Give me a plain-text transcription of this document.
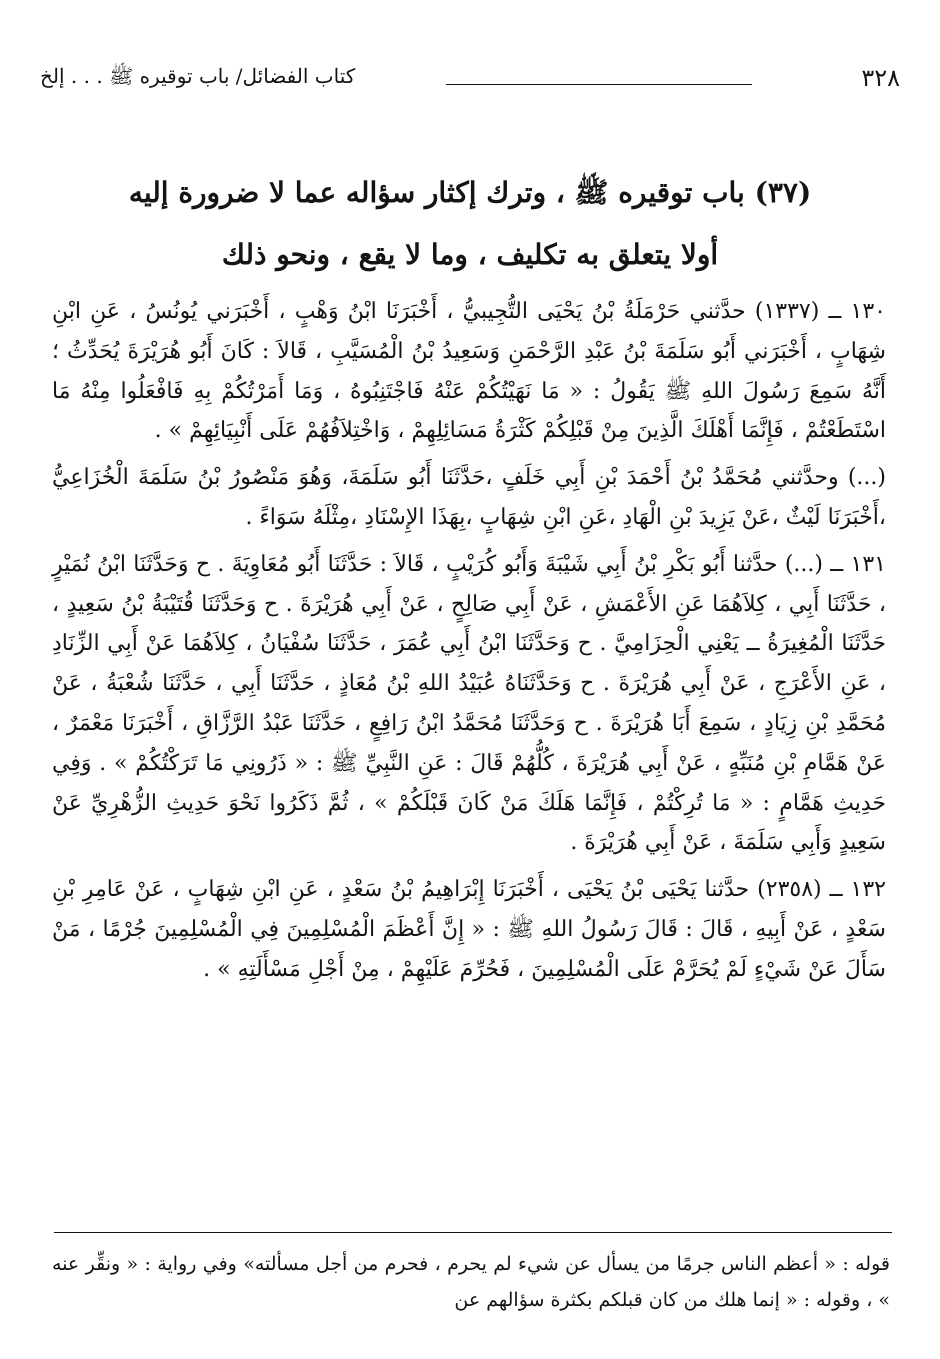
٣٢٨
كتاب الفضائل/ باب توقيره ﷺ . . . إلخ
(٣٧) باب توقيره ﷺ ، وترك إكثار سؤاله عما لا ضرورة إليه
أولا يتعلق به تكليف ، وما لا يقع ، ونحو ذلك

١٣٠ ــ (١٣٣٧) حدَّثني حَرْمَلَةُ بْنُ يَحْيَى التُّجِيبيُّ ، أَخْبَرَنَا ابْنُ وَهْبٍ ، أَخْبَرَني يُونُسُ ، عَنِ ابْنِ شِهَابٍ ، أَخْبَرَني أَبُو سَلَمَةَ بْنُ عَبْدِ الرَّحْمَنِ وَسَعِيدُ بْنُ الْمُسَيَّبِ ، قَالاَ : كَانَ أَبُو هُرَيْرَةَ يُحَدِّثُ ؛ أَنَّهُ سَمِعَ رَسُولَ اللهِ ﷺ يَقُولُ : « مَا نَهَيْتُكُمْ عَنْهُ فَاجْتَنِبُوهُ ، وَمَا أَمَرْتُكُمْ بِهِ فَافْعَلُوا مِنْهُ مَا اسْتَطَعْتُمْ ، فَإِنَّمَا أَهْلَكَ الَّذِينَ مِنْ قَبْلِكُمْ كَثْرَةُ مَسَائِلِهِمْ ، وَاخْتِلاَفُهُمْ عَلَى أَنْبِيَائِهِمْ » .

(...) وحدَّثني مُحَمَّدُ بْنُ أَحْمَدَ بْنِ أَبِي خَلَفٍ ،حَدَّثَنَا أَبُو سَلَمَةَ، وَهُوَ مَنْصُورُ بْنُ سَلَمَةَ الْخُزَاعِيُّ ،أَخْبَرَنَا لَيْثٌ ،عَنْ يَزِيدَ بْنِ الْهَادِ ،عَنِ ابْنِ شِهَابٍ ،بِهَذَا الإِسْنَادِ ،مِثْلَهُ سَوَاءً .

١٣١ ــ (...) حدَّثنا أَبُو بَكْرِ بْنُ أَبِي شَيْبَةَ وَأَبُو كُرَيْبٍ ، قَالاَ : حَدَّثَنَا أَبُو مُعَاوِيَةَ . ح وَحَدَّثَنَا ابْنُ نُمَيْرٍ ، حَدَّثَنَا أَبِي ، كِلاَهُمَا عَنِ الأَعْمَشِ ، عَنْ أَبِي صَالِحٍ ، عَنْ أَبِي هُرَيْرَةَ . ح وَحَدَّثَنَا قُتَيْبَةُ بْنُ سَعِيدٍ ، حَدَّثَنَا الْمُغِيرَةُ ــ يَعْنِي الْحِزَامِيَّ . ح وَحَدَّثَنَا ابْنُ أَبِي عُمَرَ ، حَدَّثَنَا سُفْيَانُ ، كِلاَهُمَا عَنْ أَبِي الزِّنَادِ ، عَنِ الأَعْرَجِ ، عَنْ أَبِي هُرَيْرَةَ . ح وَحَدَّثَنَاهُ عُبَيْدُ اللهِ بْنُ مُعَاذٍ ، حَدَّثَنَا أَبِي ، حَدَّثَنَا شُعْبَةُ ، عَنْ مُحَمَّدِ بْنِ زِيَادٍ ، سَمِعَ أَبَا هُرَيْرَةَ . ح وَحَدَّثَنَا مُحَمَّدُ ابْنُ رَافِعٍ ، حَدَّثَنَا عَبْدُ الرَّزَّاقِ ، أَخْبَرَنَا مَعْمَرٌ ، عَنْ هَمَّامِ بْنِ مُنَبِّهٍ ، عَنْ أَبِي هُرَيْرَةَ ، كُلُّهُمْ قَالَ : عَنِ النَّبِيِّ ﷺ : « ذَرُونِي مَا تَرَكْتُكُمْ » . وَفِي حَدِيثِ هَمَّامٍ : « مَا تُرِكْتُمْ ، فَإِنَّمَا هَلَكَ مَنْ كَانَ قَبْلَكُمْ » ، ثُمَّ ذَكَرُوا نَحْوَ حَدِيثِ الزُّهْرِيِّ عَنْ سَعِيدٍ وَأَبِي سَلَمَةَ ، عَنْ أَبِي هُرَيْرَةَ .

١٣٢ ــ (٢٣٥٨) حدَّثنا يَحْيَى بْنُ يَحْيَى ، أَخْبَرَنَا إِبْرَاهِيمُ بْنُ سَعْدٍ ، عَنِ ابْنِ شِهَابٍ ، عَنْ عَامِرِ بْنِ سَعْدٍ ، عَنْ أَبِيهِ ، قَالَ : قَالَ رَسُولُ اللهِ ﷺ : « إِنَّ أَعْظَمَ الْمُسْلِمِينَ فِي الْمُسْلِمِينَ جُرْمًا ، مَنْ سَأَلَ عَنْ شَيْءٍ لَمْ يُحَرَّمْ عَلَى الْمُسْلِمِينَ ، فَحُرِّمَ عَلَيْهِمْ ، مِنْ أَجْلِ مَسْأَلَتِهِ » .

قوله : « أعظم الناس جرمًا من يسأل عن شيء لم يحرم ، فحرم من أجل مسألته» وفي رواية : « ونقِّر عنه » ، وقوله : « إنما هلك من كان قبلكم بكثرة سؤالهم عن
